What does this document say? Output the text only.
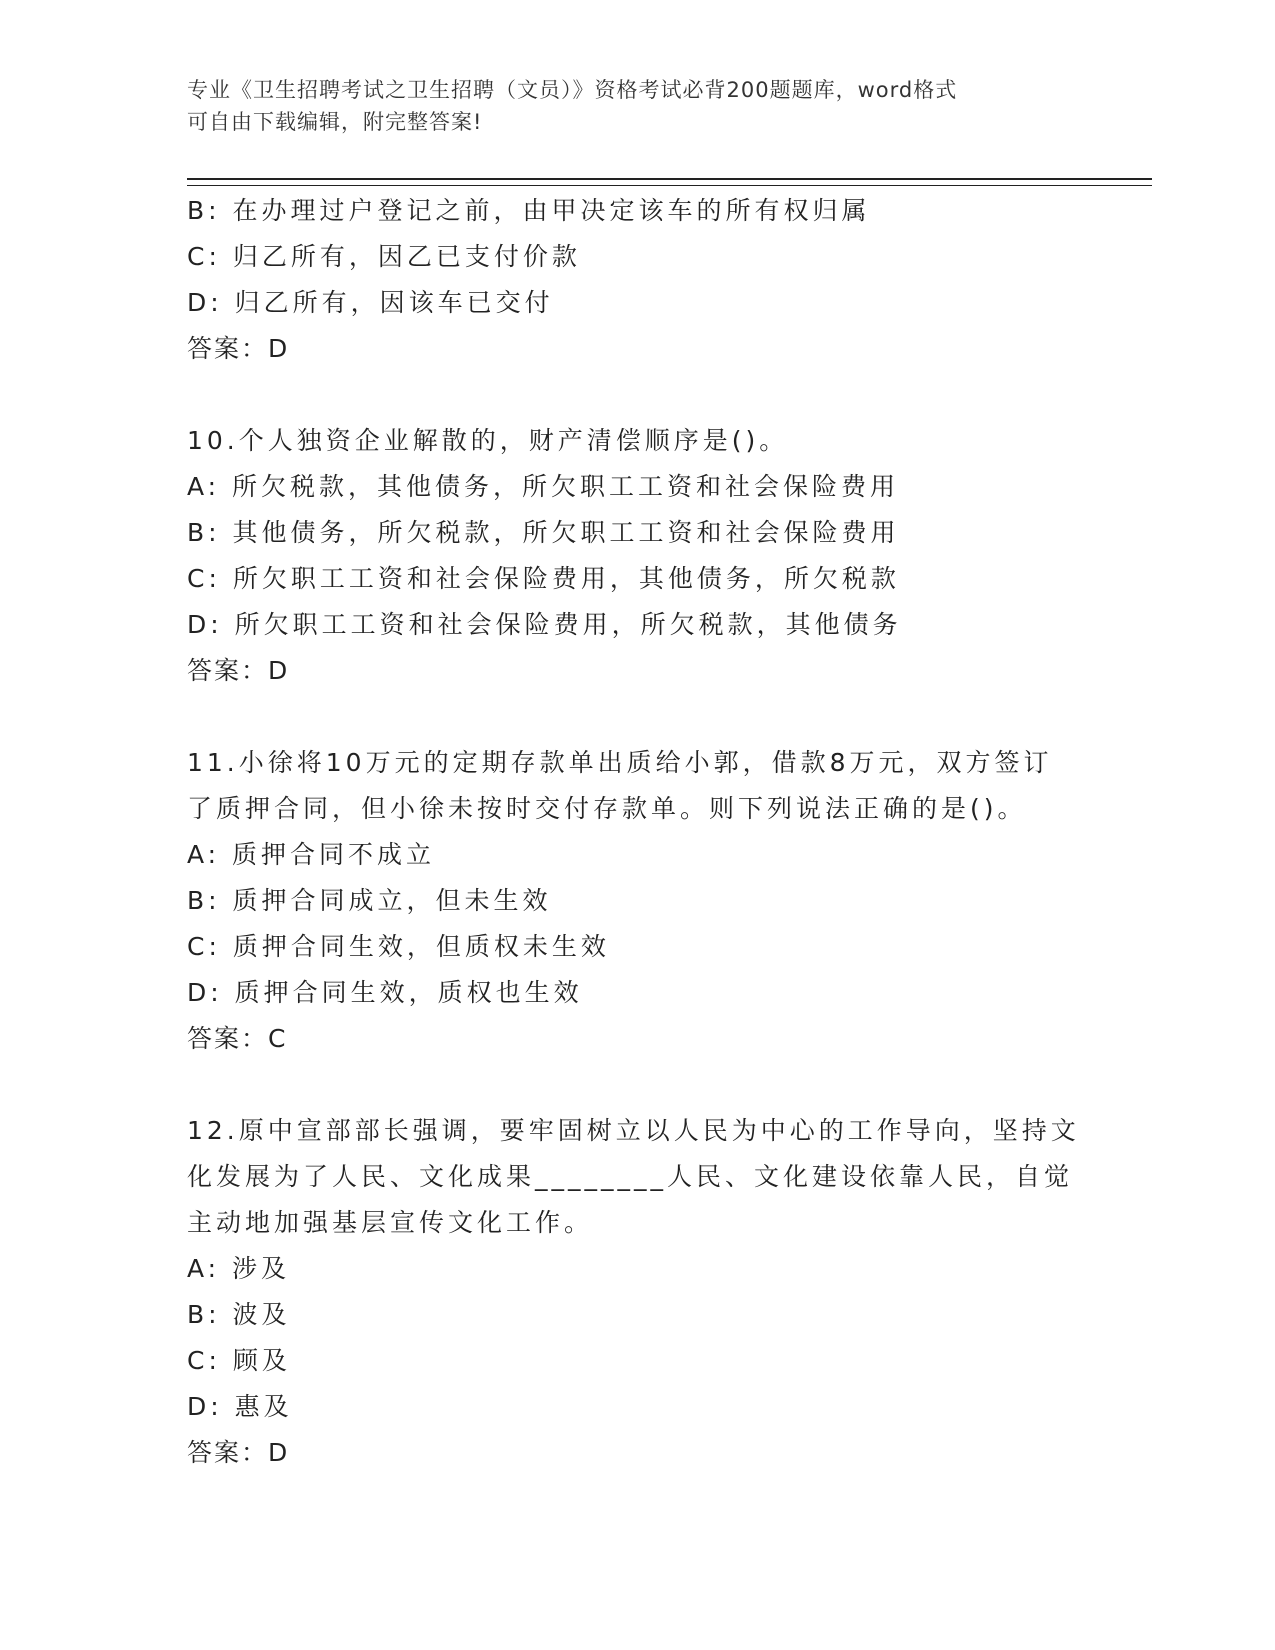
专业《卫生招聘考试之卫生招聘（文员）》资格考试必背200题题库，word格式
可自由下载编辑，附完整答案!

B: 在办理过户登记之前，由甲决定该车的所有权归属

C: 归乙所有，因乙已支付价款

D: 归乙所有，因该车已交付

答案：D

10.个人独资企业解散的，财产清偿顺序是()。

A: 所欠税款，其他债务，所欠职工工资和社会保险费用

B: 其他债务，所欠税款，所欠职工工资和社会保险费用

C: 所欠职工工资和社会保险费用，其他债务，所欠税款

D: 所欠职工工资和社会保险费用，所欠税款，其他债务

答案：D

11.小徐将10万元的定期存款单出质给小郭，借款8万元，双方签订

了质押合同，但小徐未按时交付存款单。则下列说法正确的是()。

A: 质押合同不成立

B: 质押合同成立，但未生效

C: 质押合同生效，但质权未生效

D: 质押合同生效，质权也生效

答案：C

12.原中宣部部长强调，要牢固树立以人民为中心的工作导向，坚持文

化发展为了人民、文化成果________人民、文化建设依靠人民，自觉

主动地加强基层宣传文化工作。

A: 涉及

B: 波及

C: 顾及

D: 惠及

答案：D
